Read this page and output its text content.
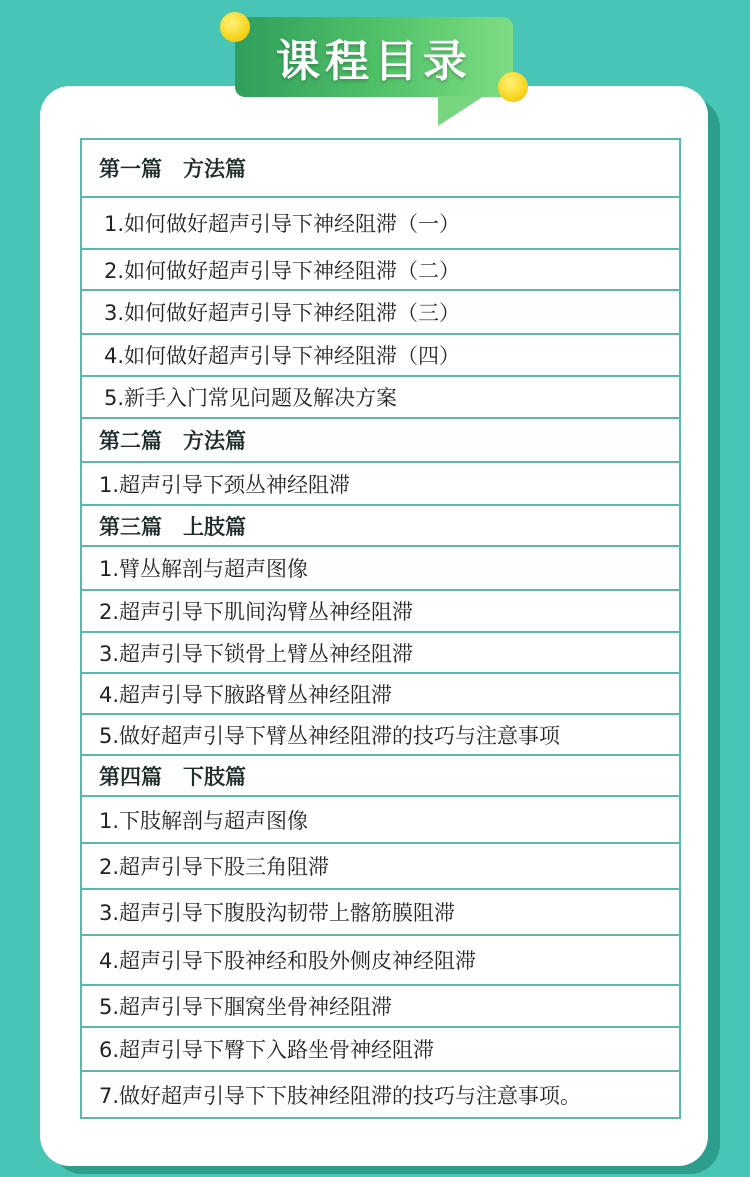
课程目录
第一篇　方法篇
1.如何做好超声引导下神经阻滞（一）
2.如何做好超声引导下神经阻滞（二）
3.如何做好超声引导下神经阻滞（三）
4.如何做好超声引导下神经阻滞（四）
5.新手入门常见问题及解决方案
第二篇　方法篇
1.超声引导下颈丛神经阻滞
第三篇　上肢篇
1.臂丛解剖与超声图像
2.超声引导下肌间沟臂丛神经阻滞
3.超声引导下锁骨上臂丛神经阻滞
4.超声引导下腋路臂丛神经阻滞
5.做好超声引导下臂丛神经阻滞的技巧与注意事项
第四篇　下肢篇
1.下肢解剖与超声图像
2.超声引导下股三角阻滞
3.超声引导下腹股沟韧带上髂筋膜阻滞
4.超声引导下股神经和股外侧皮神经阻滞
5.超声引导下腘窝坐骨神经阻滞
6.超声引导下臀下入路坐骨神经阻滞
7.做好超声引导下下肢神经阻滞的技巧与注意事项。
